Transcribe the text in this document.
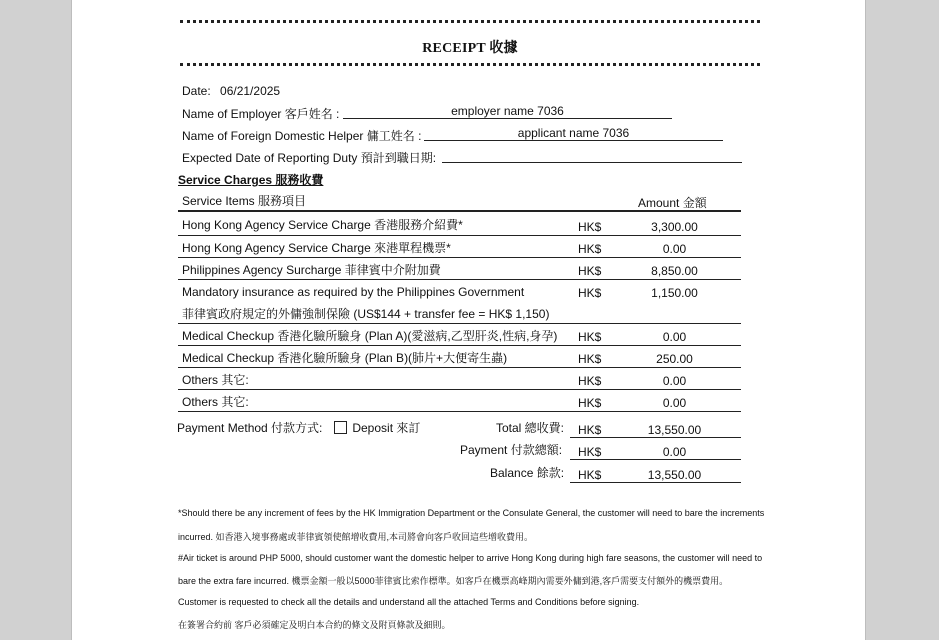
RECEIPT 收據
Date: 06/21/2025
Name of Employer 客戶姓名 :	employer name 7036
Name of Foreign Domestic Helper 傭工姓名 :	applicant name 7036
Expected Date of Reporting Duty 預計到職日期:
Service Charges 服務收費
Service Items 服務項目	Amount 金額
Hong Kong Agency Service Charge 香港服務介紹費*	HK$	3,300.00
Hong Kong Agency Service Charge 來港單程機票*	HK$	0.00
Philippines Agency Surcharge 菲律賓中介附加費	HK$	8,850.00
Mandatory insurance as required by the Philippines Government
菲律賓政府規定的外傭強制保險 (US$144 + transfer fee = HK$ 1,150)
HK$	1,150.00
Medical Checkup 香港化驗所驗身 (Plan A)(愛滋病,乙型肝炎,性病,身孕) HK$	0.00
Medical Checkup 香港化驗所驗身 (Plan B)(肺片+大便寄生蟲)	HK$	250.00
Others 其它:	HK$	0.00
Others 其它:	HK$	0.00
Payment Method 付款方式:	Deposit 來訂	Total 總收費: HK$	13,550.00
Payment 付款總額: HK$	0.00
Balance 餘款: HK$	13,550.00
*Should there be any increment of fees by the HK Immigration Department or the Consulate General, the customer will need to bare the increments
incurred. 如香港入境事務處或菲律賓領使館增收費用,本司將會向客戶收回這些增收費用。
#Air ticket is around PHP 5000, should customer want the domestic helper to arrive Hong Kong during high fare seasons, the customer will need to
bare the extra fare incurred. 機票金額一般以5000菲律賓比索作標準。如客戶在機票高峰期內需要外傭到港,客戶需要支付額外的機票費用。
Customer is requested to check all the details and understand all the attached Terms and Conditions before signing.
在簽署合約前 客戶必須確定及明白本合約的條文及附頁條款及細則。
